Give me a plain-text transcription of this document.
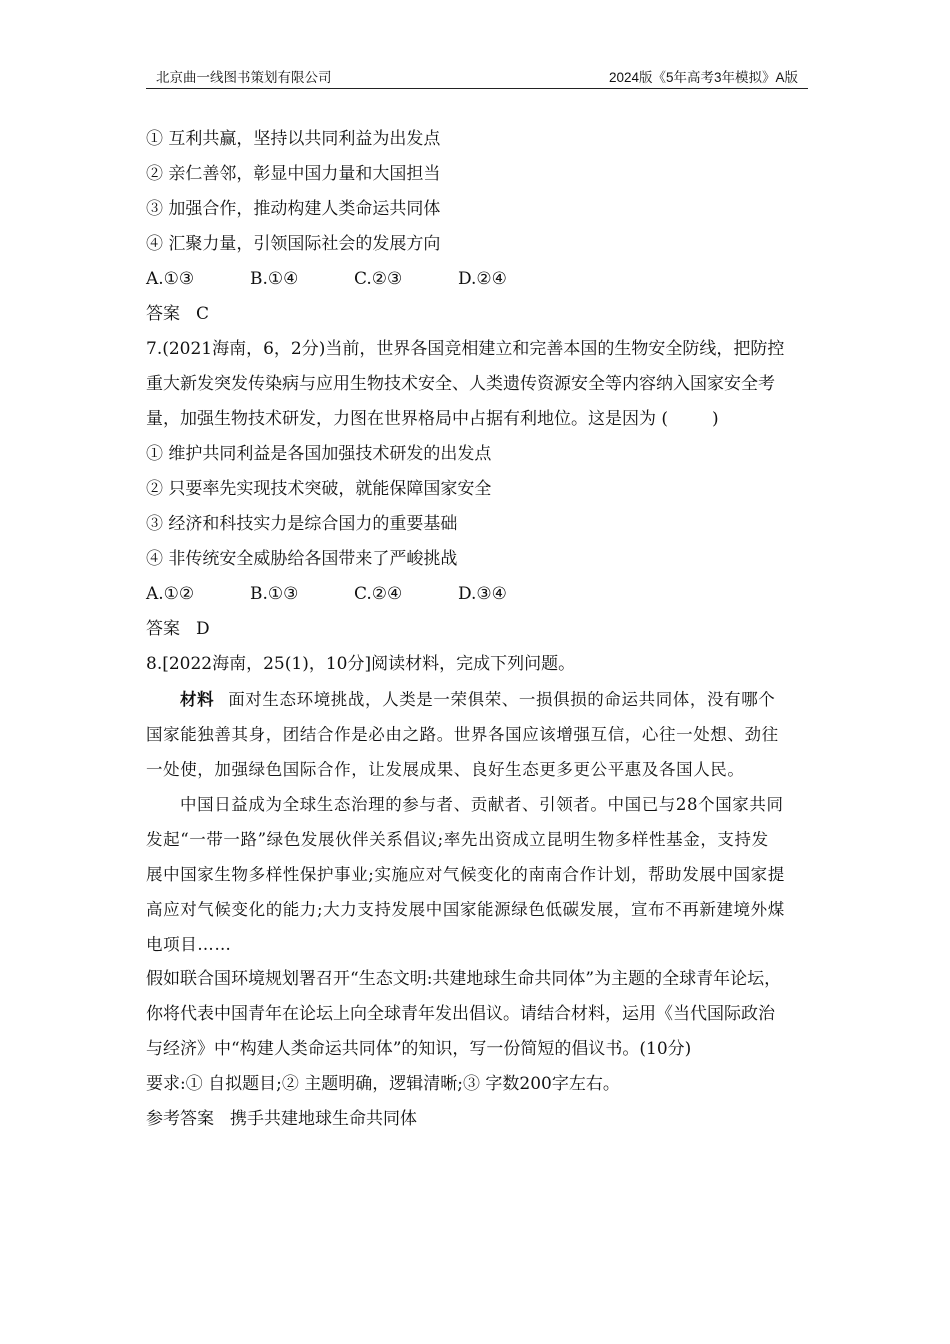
北京曲一线图书策划有限公司	2024版《5年高考3年模拟》A版
① 互利共赢，坚持以共同利益为出发点
② 亲仁善邻，彰显中国力量和大国担当
③ 加强合作，推动构建人类命运共同体
④ 汇聚力量，引领国际社会的发展方向
A.①③	B.①④	C.②③	D.②④
答案 C
7.(2021海南，6，2分)当前，世界各国竞相建立和完善本国的生物安全防线，把防控
重大新发突发传染病与应用生物技术安全、人类遗传资源安全等内容纳入国家安全考
量，加强生物技术研发，力图在世界格局中占据有利地位。这是因为 (	)
① 维护共同利益是各国加强技术研发的出发点
② 只要率先实现技术突破，就能保障国家安全
③ 经济和科技实力是综合国力的重要基础
④ 非传统安全威胁给各国带来了严峻挑战
A.①②	B.①③	C.②④	D.③④
答案 D
8.[2022海南，25(1)，10分]阅读材料，完成下列问题。
材料 面对生态环境挑战，人类是一荣俱荣、一损俱损的命运共同体，没有哪个
国家能独善其身，团结合作是必由之路。世界各国应该增强互信，心往一处想、劲往
一处使，加强绿色国际合作，让发展成果、良好生态更多更公平惠及各国人民。
中国日益成为全球生态治理的参与者、贡献者、引领者。中国已与28个国家共同
发起“一带一路”绿色发展伙伴关系倡议;率先出资成立昆明生物多样性基金，支持发
展中国家生物多样性保护事业;实施应对气候变化的南南合作计划，帮助发展中国家提
高应对气候变化的能力;大力支持发展中国家能源绿色低碳发展，宣布不再新建境外煤
电项目……
假如联合国环境规划署召开“生态文明:共建地球生命共同体”为主题的全球青年论坛，
你将代表中国青年在论坛上向全球青年发出倡议。请结合材料，运用《当代国际政治
与经济》中“构建人类命运共同体”的知识，写一份简短的倡议书。(10分)
要求:① 自拟题目;② 主题明确，逻辑清晰;③ 字数200字左右。
参考答案 携手共建地球生命共同体
